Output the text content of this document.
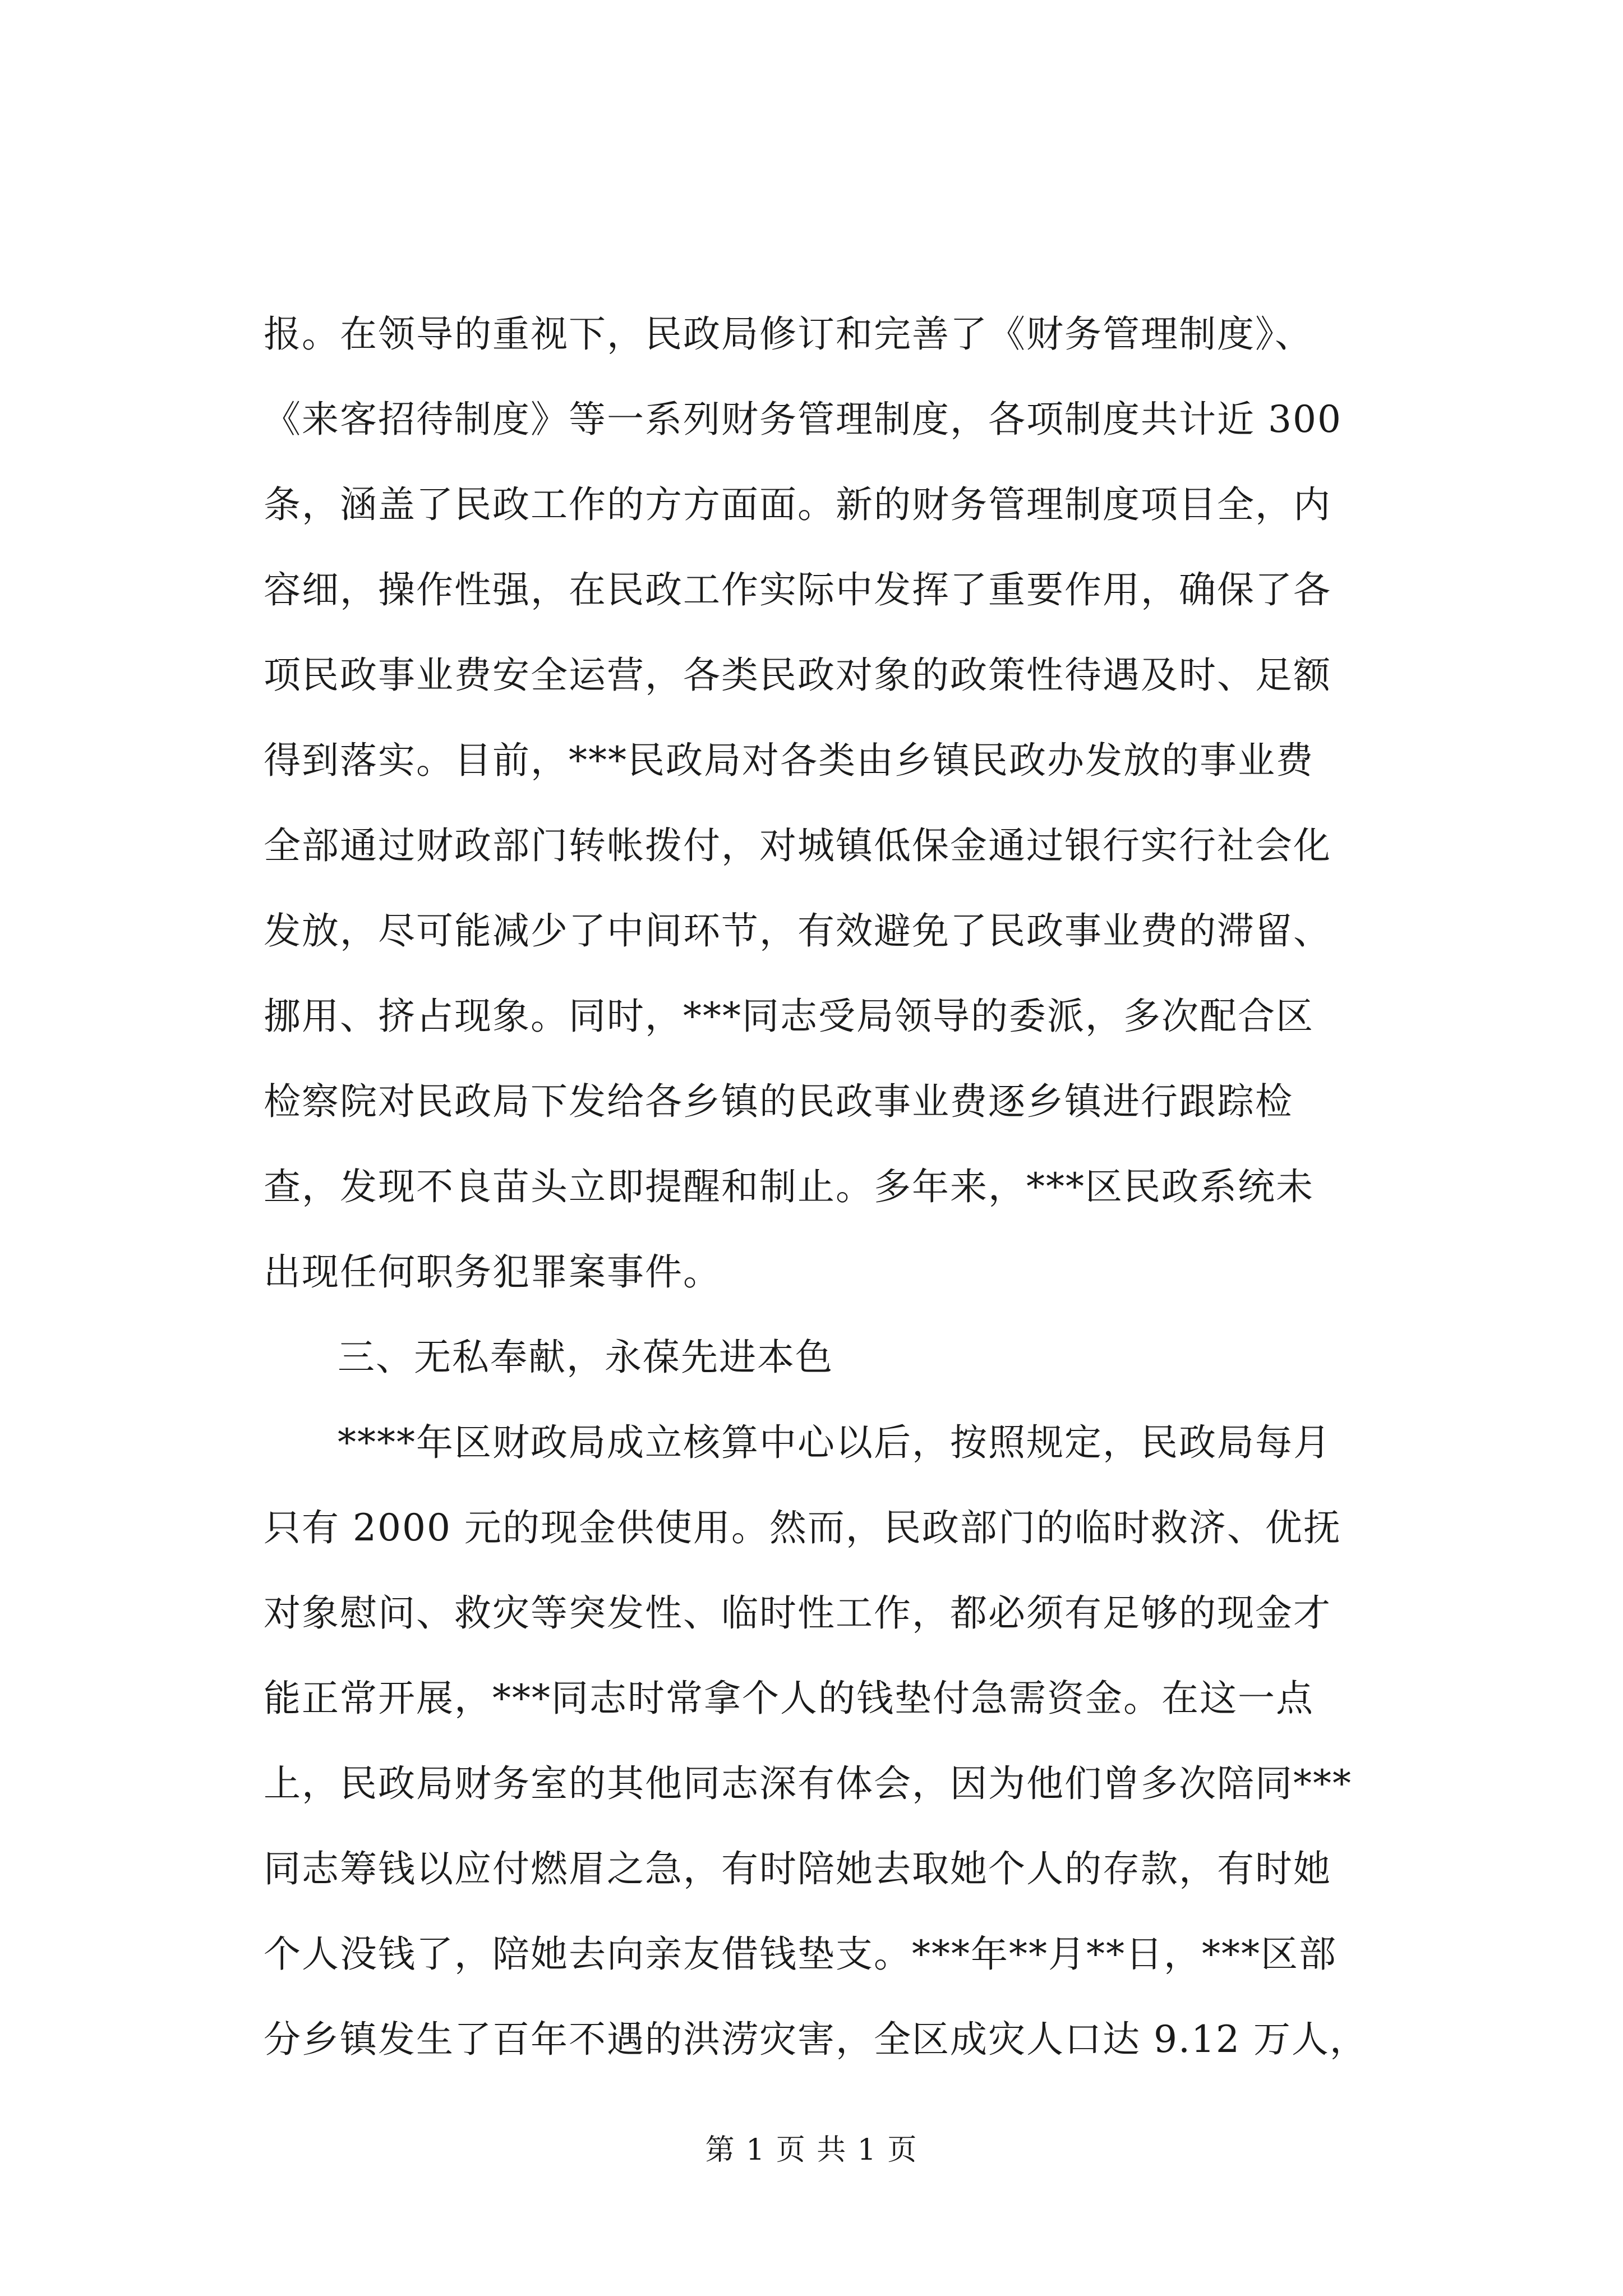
报。在领导的重视下，民政局修订和完善了《财务管理制度》、
《来客招待制度》等一系列财务管理制度，各项制度共计近 300
条，涵盖了民政工作的方方面面。新的财务管理制度项目全，内
容细，操作性强，在民政工作实际中发挥了重要作用，确保了各
项民政事业费安全运营，各类民政对象的政策性待遇及时、足额
得到落实。目前，***民政局对各类由乡镇民政办发放的事业费
全部通过财政部门转帐拨付，对城镇低保金通过银行实行社会化
发放，尽可能减少了中间环节，有效避免了民政事业费的滞留、
挪用、挤占现象。同时，***同志受局领导的委派，多次配合区
检察院对民政局下发给各乡镇的民政事业费逐乡镇进行跟踪检
查，发现不良苗头立即提醒和制止。多年来，***区民政系统未
出现任何职务犯罪案事件。
三、无私奉献，永葆先进本色
****年区财政局成立核算中心以后，按照规定，民政局每月
只有 2000 元的现金供使用。然而，民政部门的临时救济、优抚
对象慰问、救灾等突发性、临时性工作，都必须有足够的现金才
能正常开展，***同志时常拿个人的钱垫付急需资金。在这一点
上，民政局财务室的其他同志深有体会，因为他们曾多次陪同***
同志筹钱以应付燃眉之急，有时陪她去取她个人的存款，有时她
个人没钱了，陪她去向亲友借钱垫支。***年**月**日，***区部
分乡镇发生了百年不遇的洪涝灾害，全区成灾人口达 9.12 万人，
第 1 页 共 1 页
